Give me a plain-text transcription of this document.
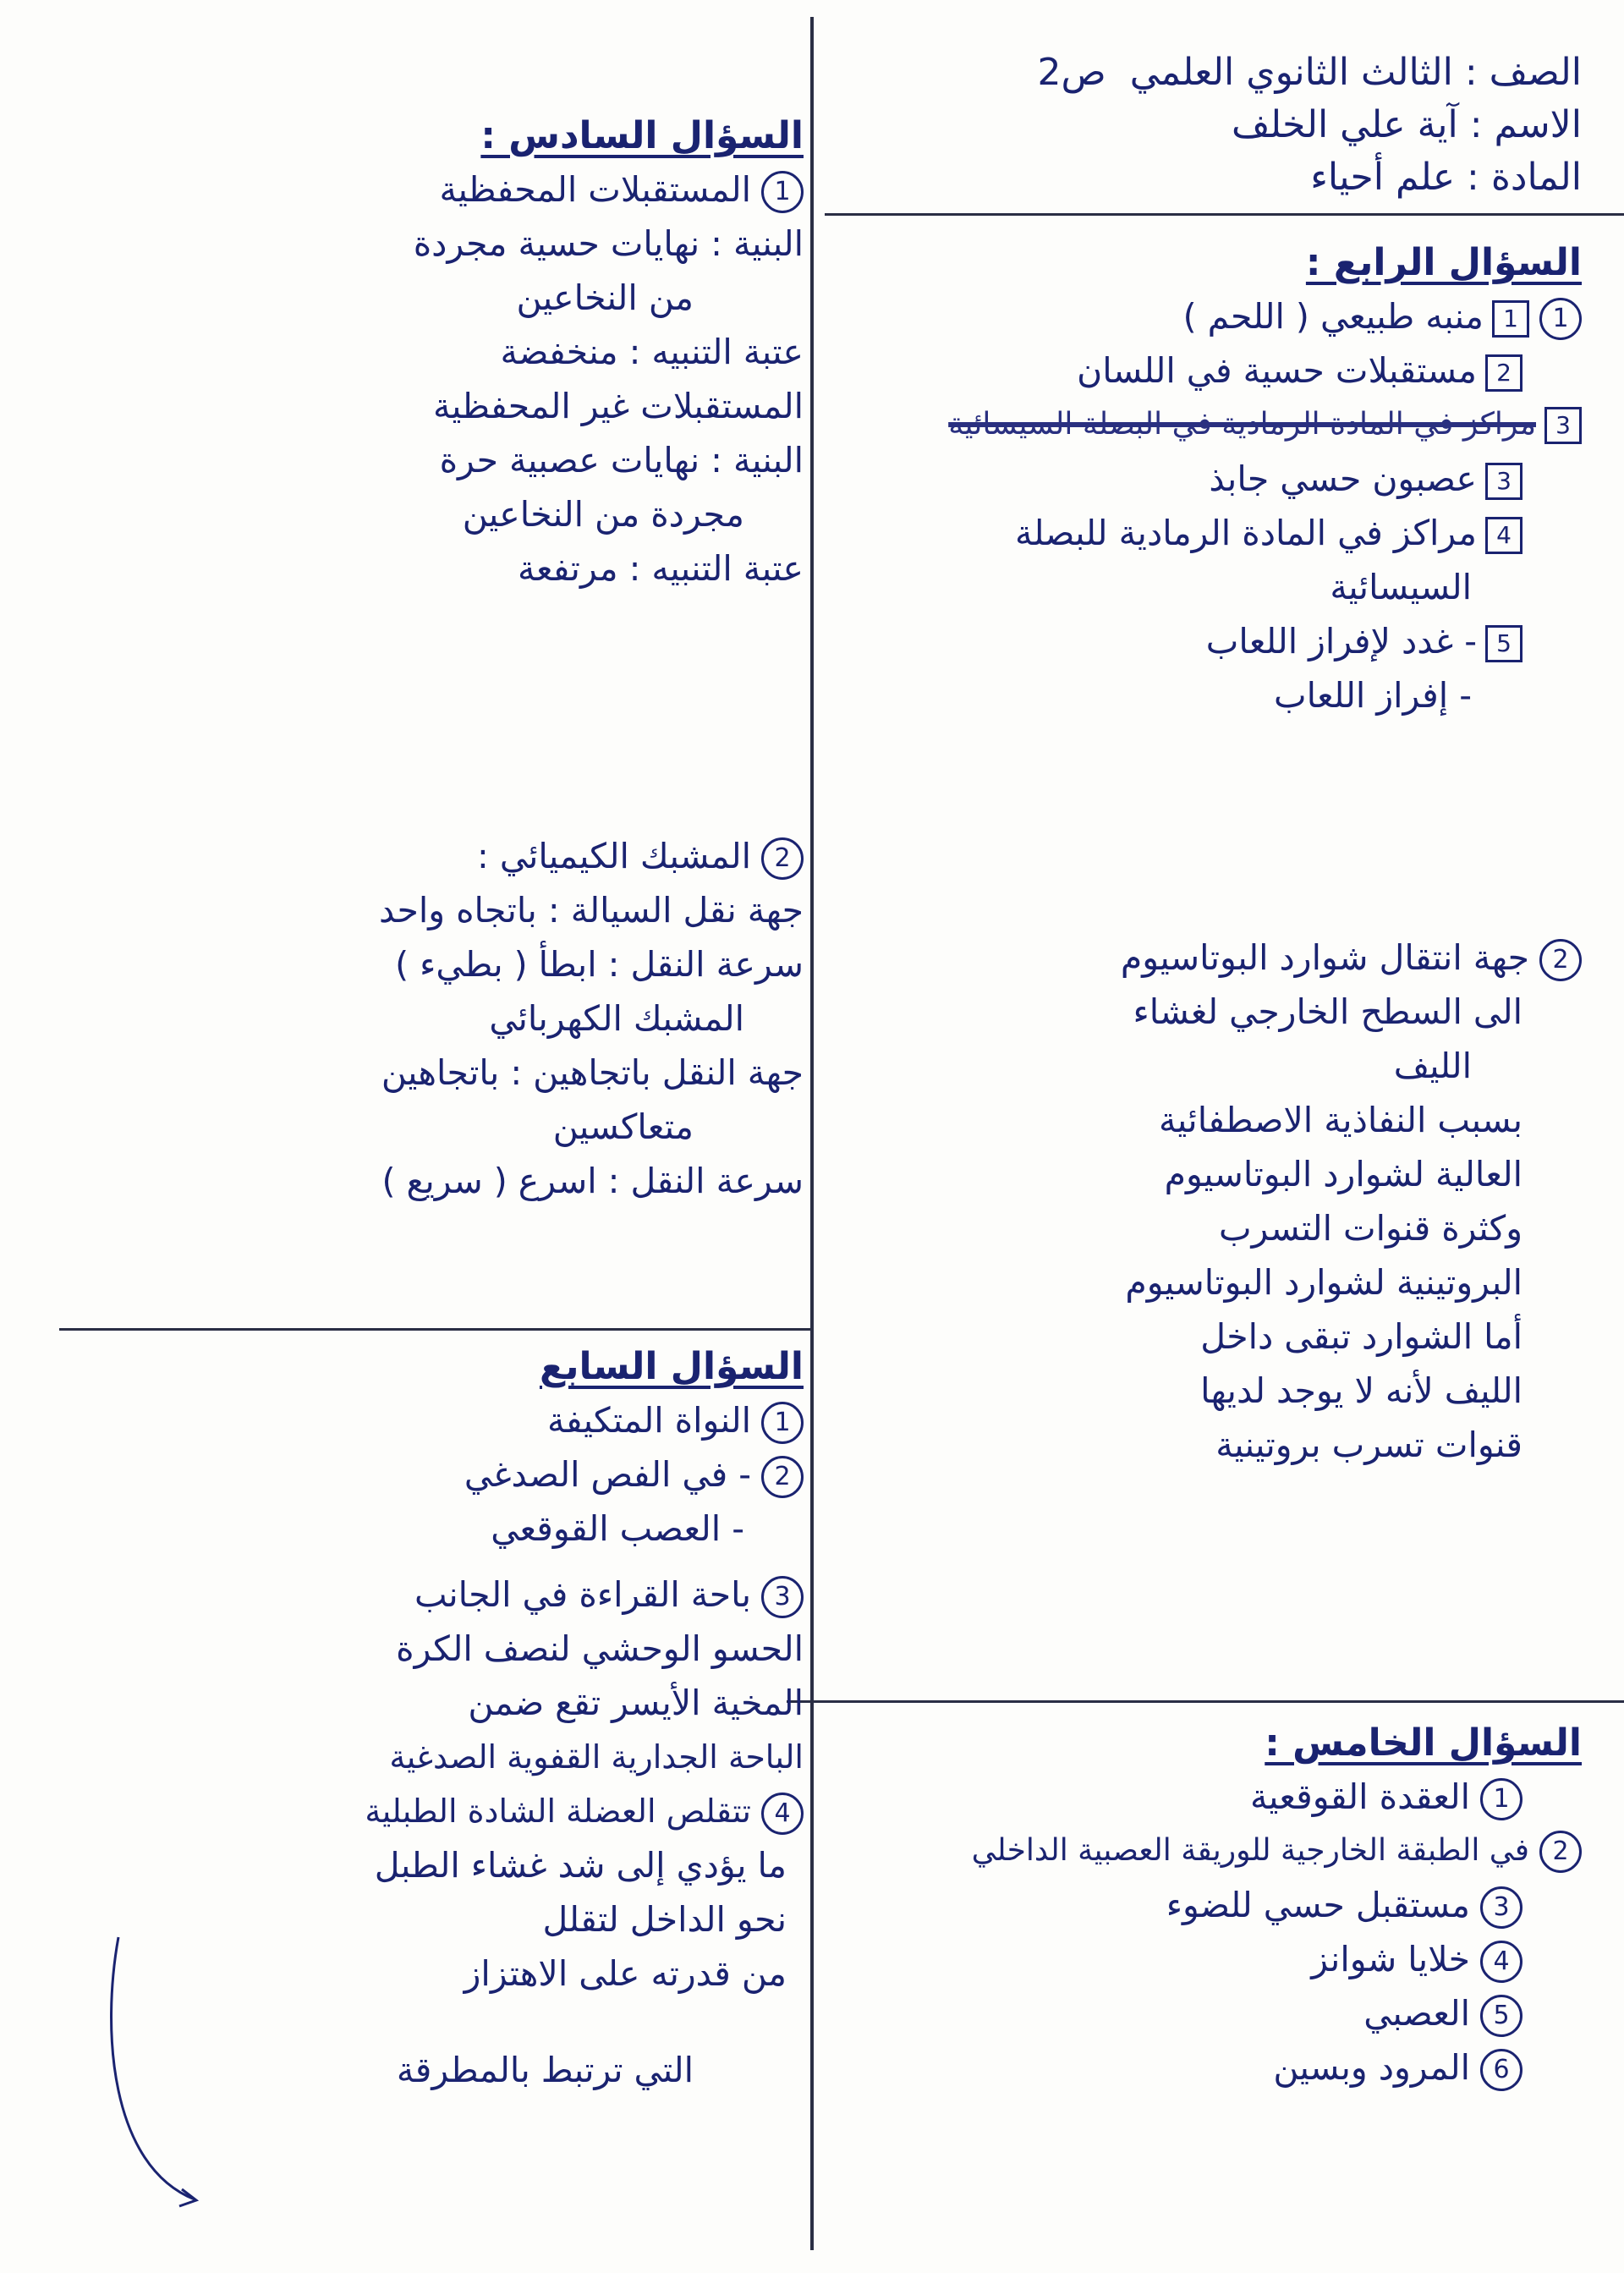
الصف : الثالث الثانوي العلمي  ص2
الاسم : آية علي الخلف
المادة : علم أحياء
السؤال الرابع :
11منبه طبيعي ( اللحم )
2مستقبلات حسية في اللسان
3مراكز في المادة الرمادية في البصلة السيسائية
3عصبون حسي جابذ
4مراكز في المادة الرمادية للبصلة
السيسائية
5- غدد لإفراز اللعاب
- إفراز اللعاب
2جهة انتقال شوارد البوتاسيوم
الى السطح الخارجي لغشاء
الليف
بسبب النفاذية الاصطفائية
العالية لشوارد البوتاسيوم
وكثرة قنوات التسرب
البروتينية لشوارد البوتاسيوم
أما الشوارد تبقى داخل
الليف لأنه لا يوجد لديها
قنوات تسرب بروتينية
السؤال الخامس :
1العقدة القوقعية
2في الطبقة الخارجية للوريقة العصبية الداخلي
3مستقبل حسي للضوء
4خلايا شوانز
5العصبي
6المرود وبسين
السؤال السادس :
1المستقبلات المحفظية
البنية : نهايات حسية مجردة
من النخاعين
عتبة التنبيه : منخفضة
المستقبلات غير المحفظية
البنية : نهايات عصبية حرة
مجردة من النخاعين
عتبة التنبيه : مرتفعة
2المشبك الكيميائي :
جهة نقل السيالة : باتجاه واحد
سرعة النقل : ابطأ ( بطيء )
المشبك الكهربائي
جهة النقل باتجاهين : باتجاهين
متعاكسين
سرعة النقل : اسرع ( سريع )
السؤال السابع
1النواة المتكيفة
2- في الفص الصدغي
- العصب القوقعي
3باحة القراءة في الجانب
الحسو الوحشي لنصف الكرة
المخية الأيسر تقع ضمن
الباحة الجدارية القفوية الصدغية
4تتقلص العضلة الشادة الطبلية
ما يؤدي إلى شد غشاء الطبل
نحو الداخل لتقلل
من قدرته على الاهتزاز
التي ترتبط بالمطرقة
